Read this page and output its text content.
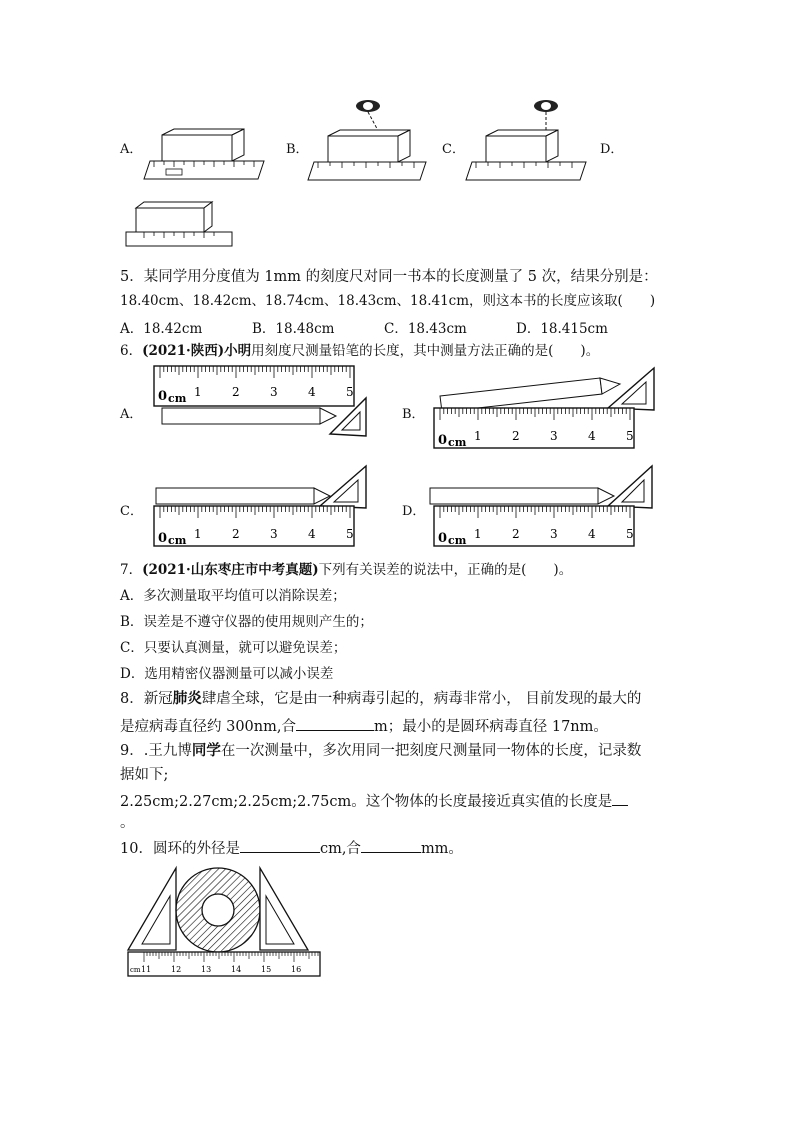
A．	B．	C．	D．
5．某同学用分度值为 1mm 的刻度尺对同一书本的长度测量了 5 次，结果分别是：
18.40cm、18.42cm、18.74cm、18.43cm、18.41cm，则这本书的长度应该取(　　)
A．18.42cm	B．18.48cm	C．18.43cm	D．18.415cm
6．(2021·陕西)小明用刻度尺测量铅笔的长度，其中测量方法正确的是(　　)。
A．	B．
C．	D．
0 cm 1	2	3	4	5
0 cm 1	2	3	4	5
0 cm 1	2	3	4	5	0 cm 1	2	3	4	5
7．(2021·山东枣庄市中考真题)下列有关误差的说法中，正确的是(　　)。
A．多次测量取平均值可以消除误差；
B．误差是不遵守仪器的使用规则产生的；
C．只要认真测量，就可以避免误差；
D．选用精密仪器测量可以减小误差
8．新冠肺炎肆虐全球，它是由一种病毒引起的，病毒非常小， 目前发现的最大的
是痘病毒直径约 300nm,合	m；最小的是圆环病毒直径 17nm。
9．.王九博同学在一次测量中，多次用同一把刻度尺测量同一物体的长度，记录数
据如下;
2.25cm;2.27cm;2.25cm;2.75cm。这个物体的长度最接近真实值的长度是
。
10．圆环的外径是	cm,合	mm。
cm 11 12 13 14 15 16
